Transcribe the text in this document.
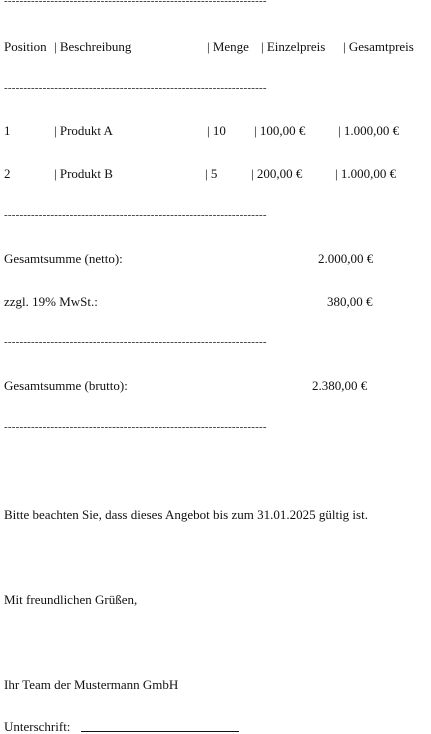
--------------------------------------------------------------------
Position | Beschreibung	| Menge | Einzelpreis | Gesamtpreis
--------------------------------------------------------------------
1	| Produkt A	| 10 | 100,00 €	| 1.000,00 €
2	| Produkt B	| 5	| 200,00 €	| 1.000,00 €
--------------------------------------------------------------------
Gesamtsumme (netto):	2.000,00 €
zzgl. 19% MwSt.:	380,00 €
--------------------------------------------------------------------
Gesamtsumme (brutto):	2.380,00 €
--------------------------------------------------------------------
Bitte beachten Sie, dass dieses Angebot bis zum 31.01.2025 gültig ist.
Mit freundlichen Grüßen,
Ihr Team der Mustermann GmbH
Unterschrift:
